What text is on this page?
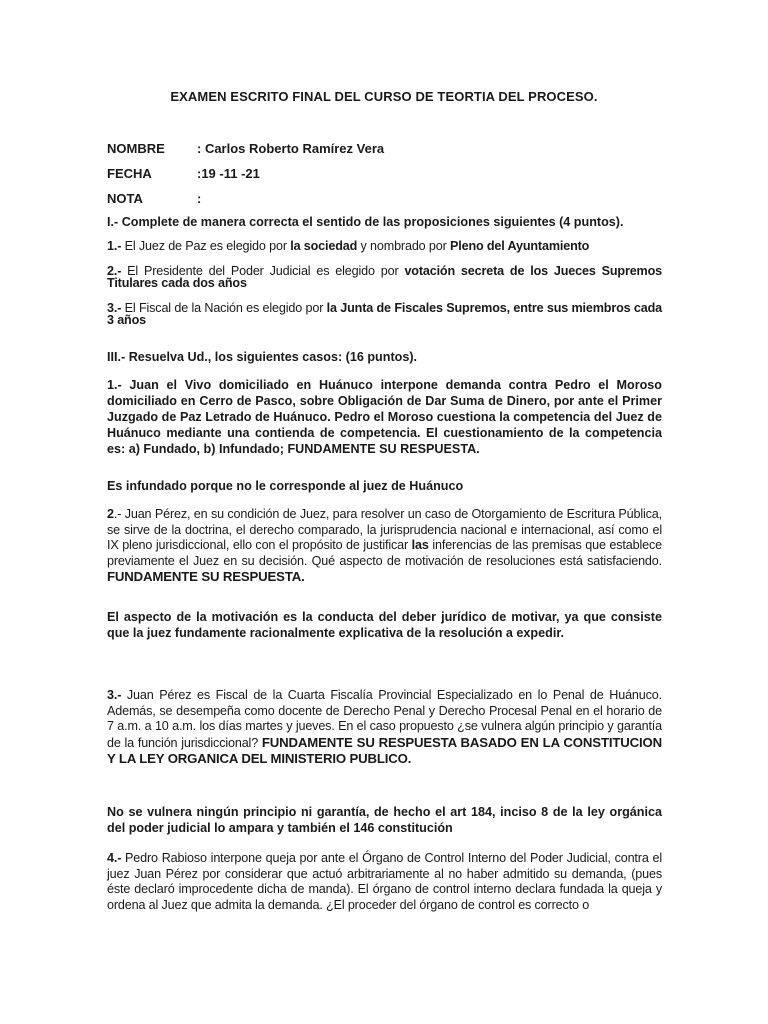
EXAMEN ESCRITO FINAL DEL CURSO DE TEORTIA DEL PROCESO.
NOMBRE : Carlos Roberto Ramírez Vera
FECHA	:19 -11 -21
NOTA	:

I.- Complete de manera correcta el sentido de las proposiciones siguientes (4 puntos).

1.- El Juez de Paz es elegido por la sociedad y nombrado por Pleno del Ayuntamiento

2.- El Presidente del Poder Judicial es elegido por votación secreta de los Jueces Supremos Titulares cada dos años

3.- El Fiscal de la Nación es elegido por la Junta de Fiscales Supremos, entre sus miembros cada 3 años

III.- Resuelva Ud., los siguientes casos: (16 puntos).

1.- Juan el Vivo domiciliado en Huánuco interpone demanda contra Pedro el Moroso domiciliado en Cerro de Pasco, sobre Obligación de Dar Suma de Dinero, por ante el Primer Juzgado de Paz Letrado de Huánuco. Pedro el Moroso cuestiona la competencia del Juez de Huánuco mediante una contienda de competencia. El cuestionamiento de la competencia es: a) Fundado, b) Infundado; FUNDAMENTE SU RESPUESTA.

Es infundado porque no le corresponde al juez de Huánuco

2.- Juan Pérez, en su condición de Juez, para resolver un caso de Otorgamiento de Escritura Pública, se sirve de la doctrina, el derecho comparado, la jurisprudencia nacional e internacional, así como el IX pleno jurisdiccional, ello con el propósito de justificar las inferencias de las premisas que establece previamente el Juez en su decisión. Qué aspecto de motivación de resoluciones está satisfaciendo. FUNDAMENTE SU RESPUESTA.

El aspecto de la motivación es la conducta del deber jurídico de motivar, ya que consiste que la juez fundamente racionalmente explicativa de la resolución a expedir.

3.- Juan Pérez es Fiscal de la Cuarta Fiscalía Provincial Especializado en lo Penal de Huánuco. Además, se desempeña como docente de Derecho Penal y Derecho Procesal Penal en el horario de 7 a.m. a 10 a.m. los días martes y jueves. En el caso propuesto ¿se vulnera algún principio y garantía de la función jurisdiccional? FUNDAMENTE SU RESPUESTA BASADO EN LA CONSTITUCION Y LA LEY ORGANICA DEL MINISTERIO PUBLICO.

No se vulnera ningún principio ni garantía, de hecho el art 184, inciso 8 de la ley orgánica del poder judicial lo ampara y también el 146 constitución

4.- Pedro Rabioso interpone queja por ante el Órgano de Control Interno del Poder Judicial, contra el juez Juan Pérez por considerar que actuó arbitrariamente al no haber admitido su demanda, (pues éste declaró improcedente dicha de manda). El órgano de control interno declara fundada la queja y ordena al Juez que admita la demanda. ¿El proceder del órgano de control es correcto o
